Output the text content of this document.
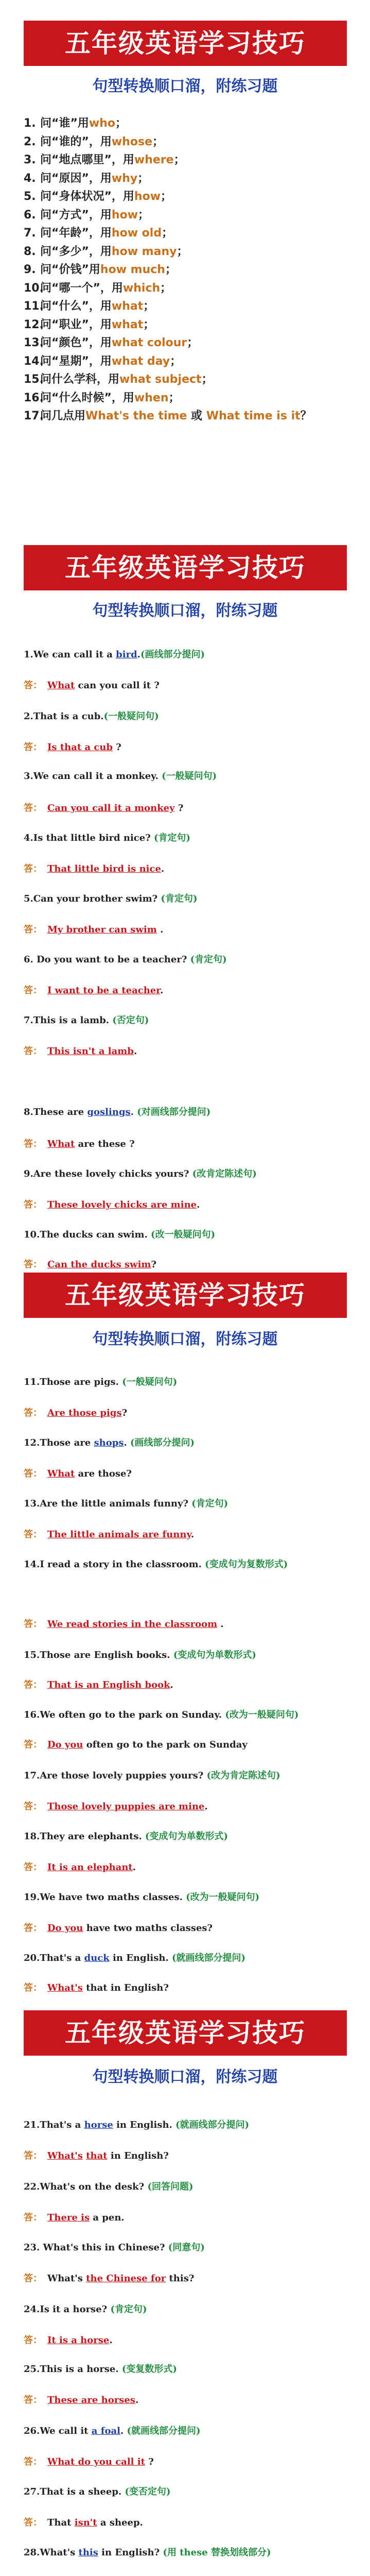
五年级英语学习技巧
句型转换顺口溜，附练习题
1. 问“谁”用who；
2. 问“谁的”，用whose；
3. 问“地点哪里”，用where；
4. 问“原因”，用why；
5. 问“身体状况”，用how；
6. 问“方式”，用how；
7. 问“年龄”，用how old；
8. 问“多少”，用how many；
9. 问“价钱”用how much；
10.问“哪一个”，用which；
11.问“什么”，用what；
12.问“职业”，用what；
13.问“颜色”，用what colour；
14.问“星期”，用what day；
15.问什么学科，用what subject；
16.问“什么时候”，用when；
17.问几点用What's the time 或 What time is it？
五年级英语学习技巧
句型转换顺口溜，附练习题
1.We can call it a bird.(画线部分提问)
答： What can you call it ?
2.That is a cub.(一般疑问句)
答： Is that a cub ?
3.We can call it a monkey. (一般疑问句)
答： Can you call it a monkey ?
4.Is that little bird nice? (肯定句)
答： That little bird is nice.
5.Can your brother swim? (肯定句)
答： My brother can swim .
6. Do you want to be a teacher? (肯定句)
答： I want to be a teacher.
7.This is a lamb. (否定句)
答： This isn't a lamb.
8.These are goslings. (对画线部分提问)
答： What are these ?
9.Are these lovely chicks yours? (改肯定陈述句)
答： These lovely chicks are mine.
10.The ducks can swim. (改一般疑问句)
答： Can the ducks swim?
五年级英语学习技巧
句型转换顺口溜，附练习题
11.Those are pigs. (一般疑问句)
答： Are those pigs?
12.Those are shops. (画线部分提问)
答： What are those?
13.Are the little animals funny? (肯定句)
答： The little animals are funny.
14.I read a story in the classroom. (变成句为复数形式)
答： We read stories in the classroom .
15.Those are English books. (变成句为单数形式)
答： That is an English book.
16.We often go to the park on Sunday. (改为一般疑问句)
答： Do you often go to the park on Sunday
17.Are those lovely puppies yours? (改为肯定陈述句)
答： Those lovely puppies are mine.
18.They are elephants. (变成句为单数形式)
答： It is an elephant.
19.We have two maths classes. (改为一般疑问句)
答： Do you have two maths classes?
20.That's a duck in English. (就画线部分提问)
答： What's that in English?
五年级英语学习技巧
句型转换顺口溜，附练习题
21.That's a horse in English. (就画线部分提问)
答： What's that in English?
22.What's on the desk? (回答问题)
答： There is a pen.
23. What's this in Chinese? (同意句)
答： What's the Chinese for this?
24.Is it a horse? (肯定句)
答： It is a horse.
25.This is a horse. (变复数形式)
答： These are horses.
26.We call it a foal. (就画线部分提问)
答： What do you call it ?
27.That is a sheep. (变否定句)
答： That isn't a sheep.
28.What's this in English? (用 these 替换划线部分)
